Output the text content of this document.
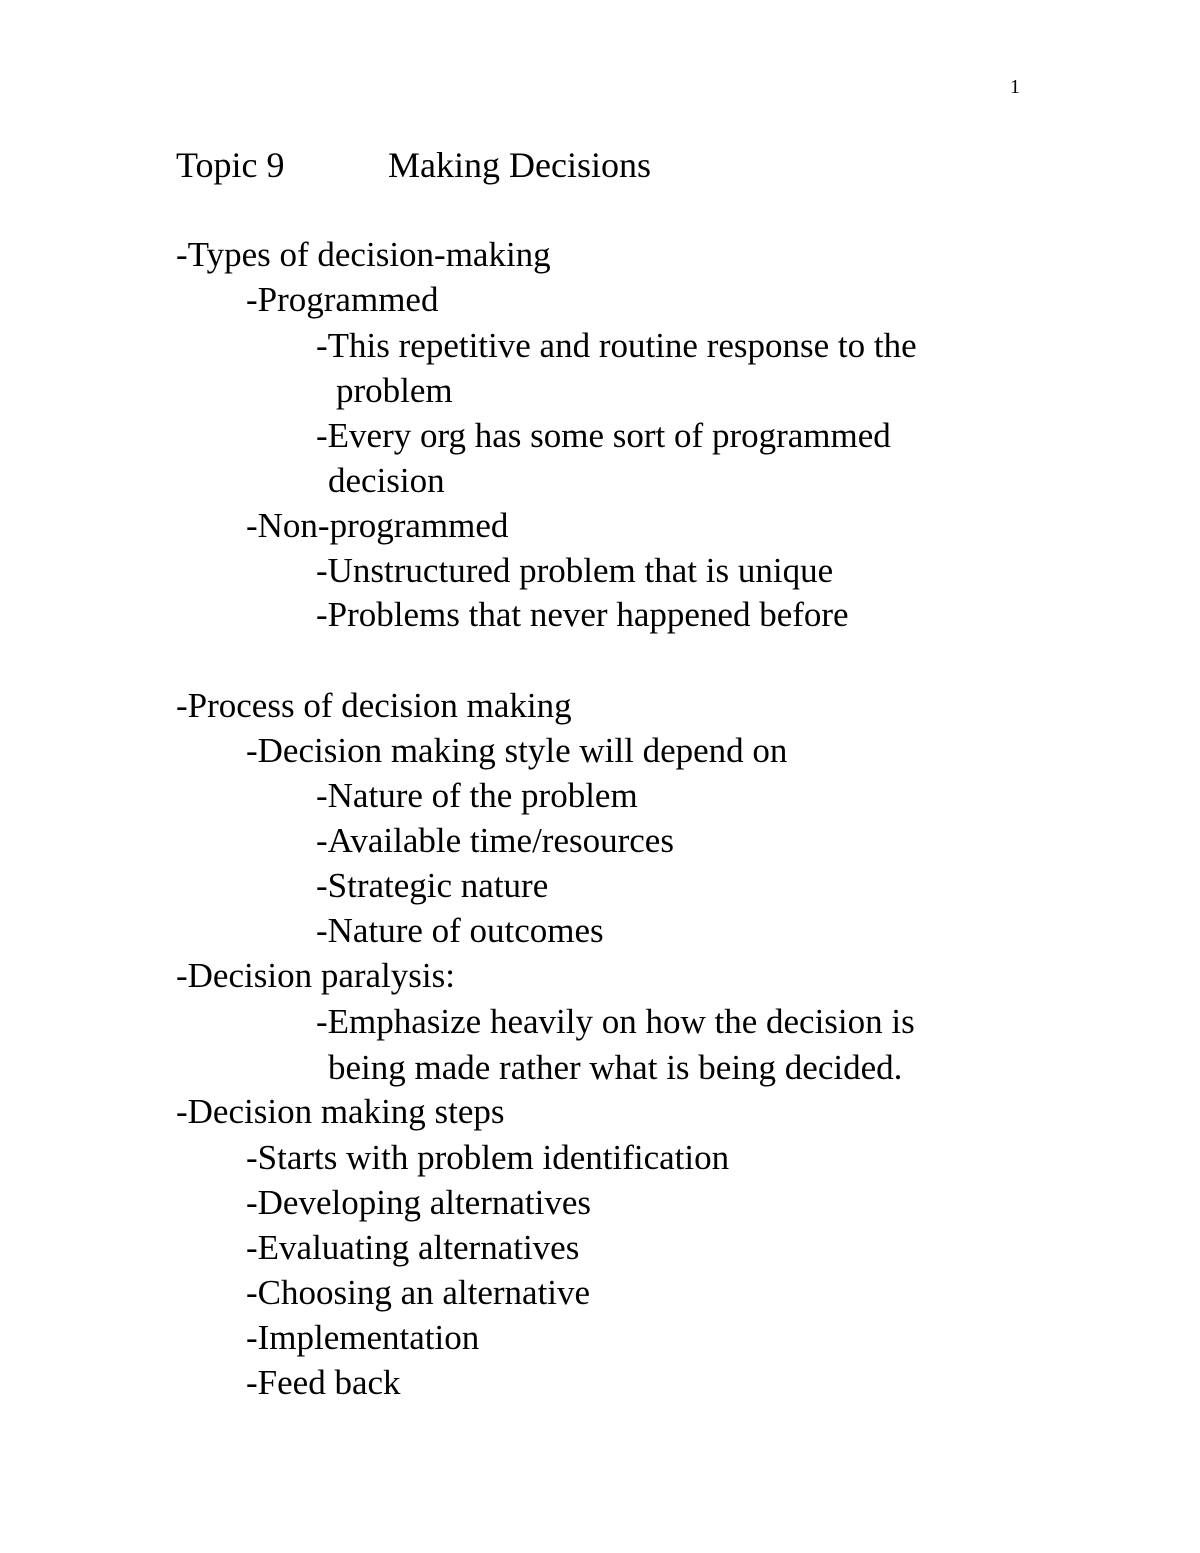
1
Topic 9	Making Decisions
-Types of decision-making
-Programmed
-This repetitive and routine response to the
problem
-Every org has some sort of programmed
decision
-Non-programmed
-Unstructured problem that is unique
-Problems that never happened before
-Process of decision making
-Decision making style will depend on
-Nature of the problem
-Available time/resources
-Strategic nature
-Nature of outcomes
-Decision paralysis:
-Emphasize heavily on how the decision is
being made rather what is being decided.
-Decision making steps
-Starts with problem identification
-Developing alternatives
-Evaluating alternatives
-Choosing an alternative
-Implementation
-Feed back
